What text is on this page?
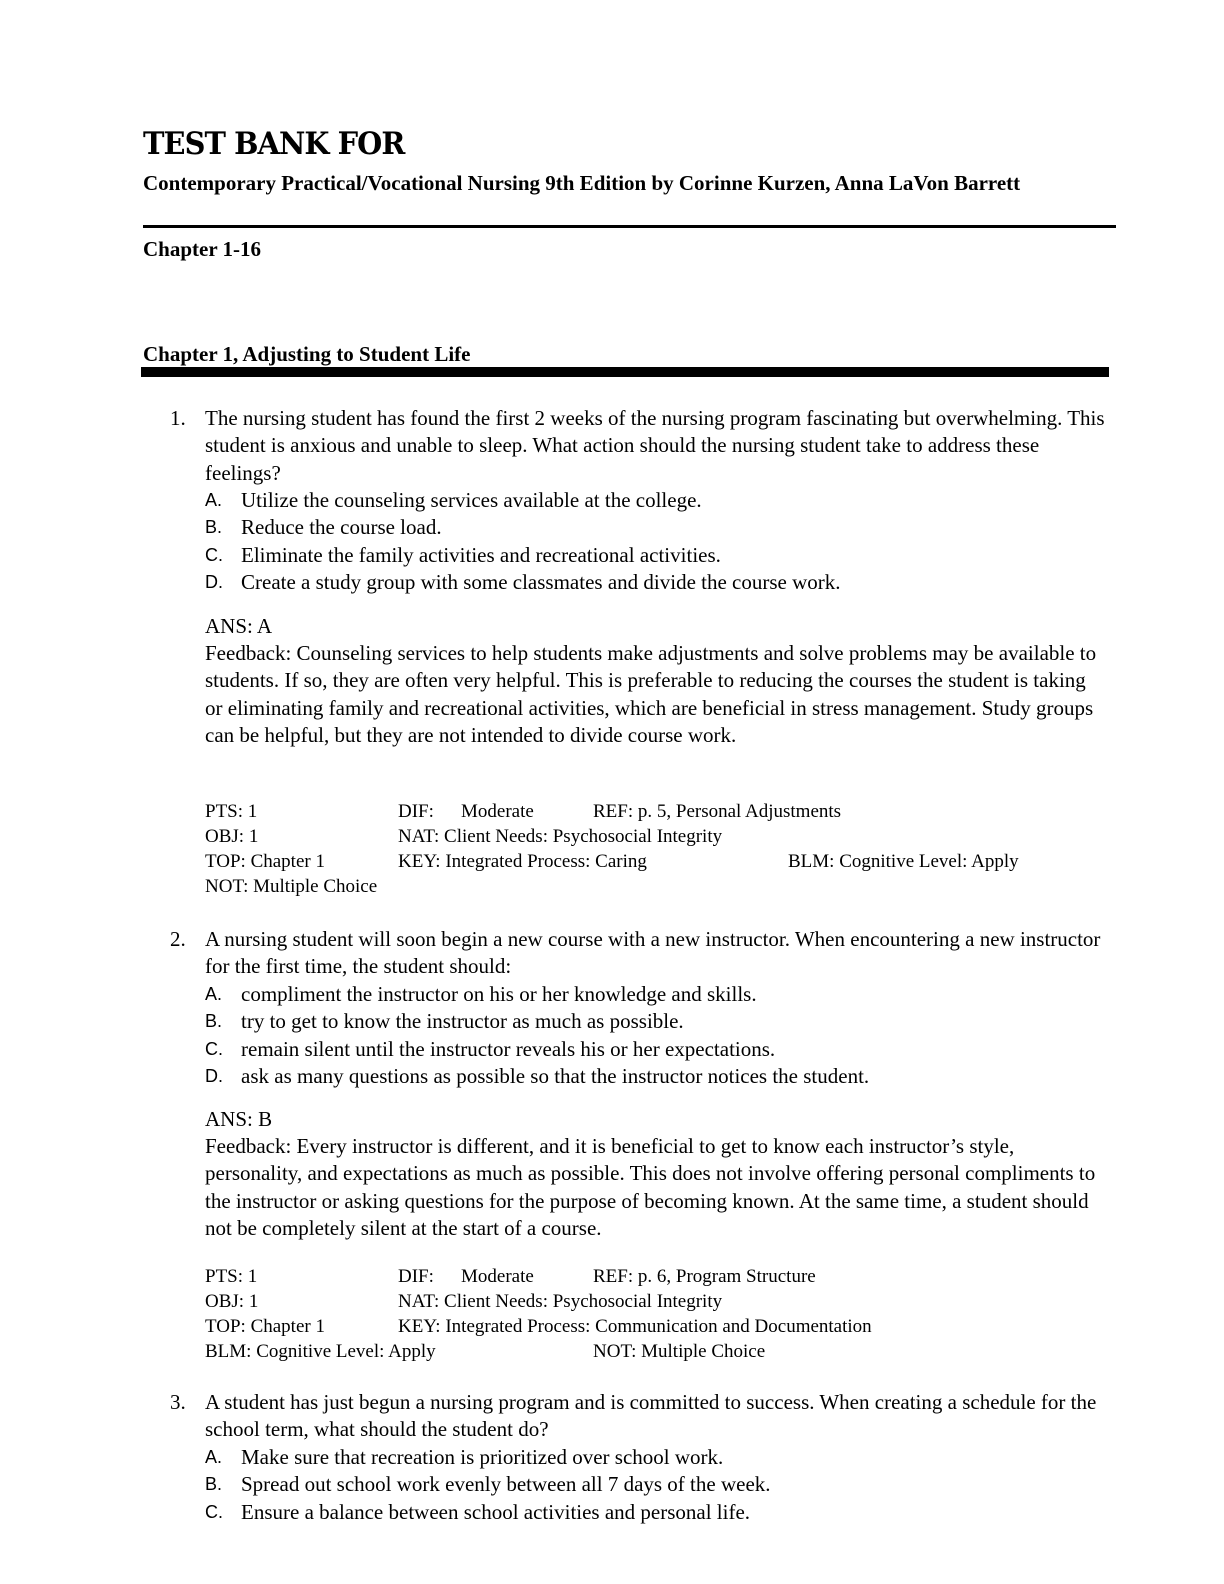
TEST BANK FOR
Contemporary Practical/Vocational Nursing 9th Edition by Corinne Kurzen, Anna LaVon Barrett
Chapter 1-16
Chapter 1, Adjusting to Student Life
1. The nursing student has found the first 2 weeks of the nursing program fascinating but overwhelming. This student is anxious and unable to sleep. What action should the nursing student take to address these feelings?
A. Utilize the counseling services available at the college.
B. Reduce the course load.
C. Eliminate the family activities and recreational activities.
D. Create a study group with some classmates and divide the course work.
ANS: A
Feedback: Counseling services to help students make adjustments and solve problems may be available to students. If so, they are often very helpful. This is preferable to reducing the courses the student is taking or eliminating family and recreational activities, which are beneficial in stress management. Study groups can be helpful, but they are not intended to divide course work.
PTS: 1	DIF: Moderate	REF: p. 5, Personal Adjustments
OBJ: 1	NAT: Client Needs: Psychosocial Integrity
TOP: Chapter 1	KEY: Integrated Process: Caring	BLM: Cognitive Level: Apply
NOT: Multiple Choice
2. A nursing student will soon begin a new course with a new instructor. When encountering a new instructor for the first time, the student should:
A. compliment the instructor on his or her knowledge and skills.
B. try to get to know the instructor as much as possible.
C. remain silent until the instructor reveals his or her expectations.
D. ask as many questions as possible so that the instructor notices the student.
ANS: B
Feedback: Every instructor is different, and it is beneficial to get to know each instructor’s style, personality, and expectations as much as possible. This does not involve offering personal compliments to the instructor or asking questions for the purpose of becoming known. At the same time, a student should not be completely silent at the start of a course.
PTS: 1	DIF: Moderate	REF: p. 6, Program Structure
OBJ: 1	NAT: Client Needs: Psychosocial Integrity
TOP: Chapter 1	KEY: Integrated Process: Communication and Documentation
BLM: Cognitive Level: Apply	NOT: Multiple Choice
3. A student has just begun a nursing program and is committed to success. When creating a schedule for the school term, what should the student do?
A. Make sure that recreation is prioritized over school work.
B. Spread out school work evenly between all 7 days of the week.
C. Ensure a balance between school activities and personal life.
